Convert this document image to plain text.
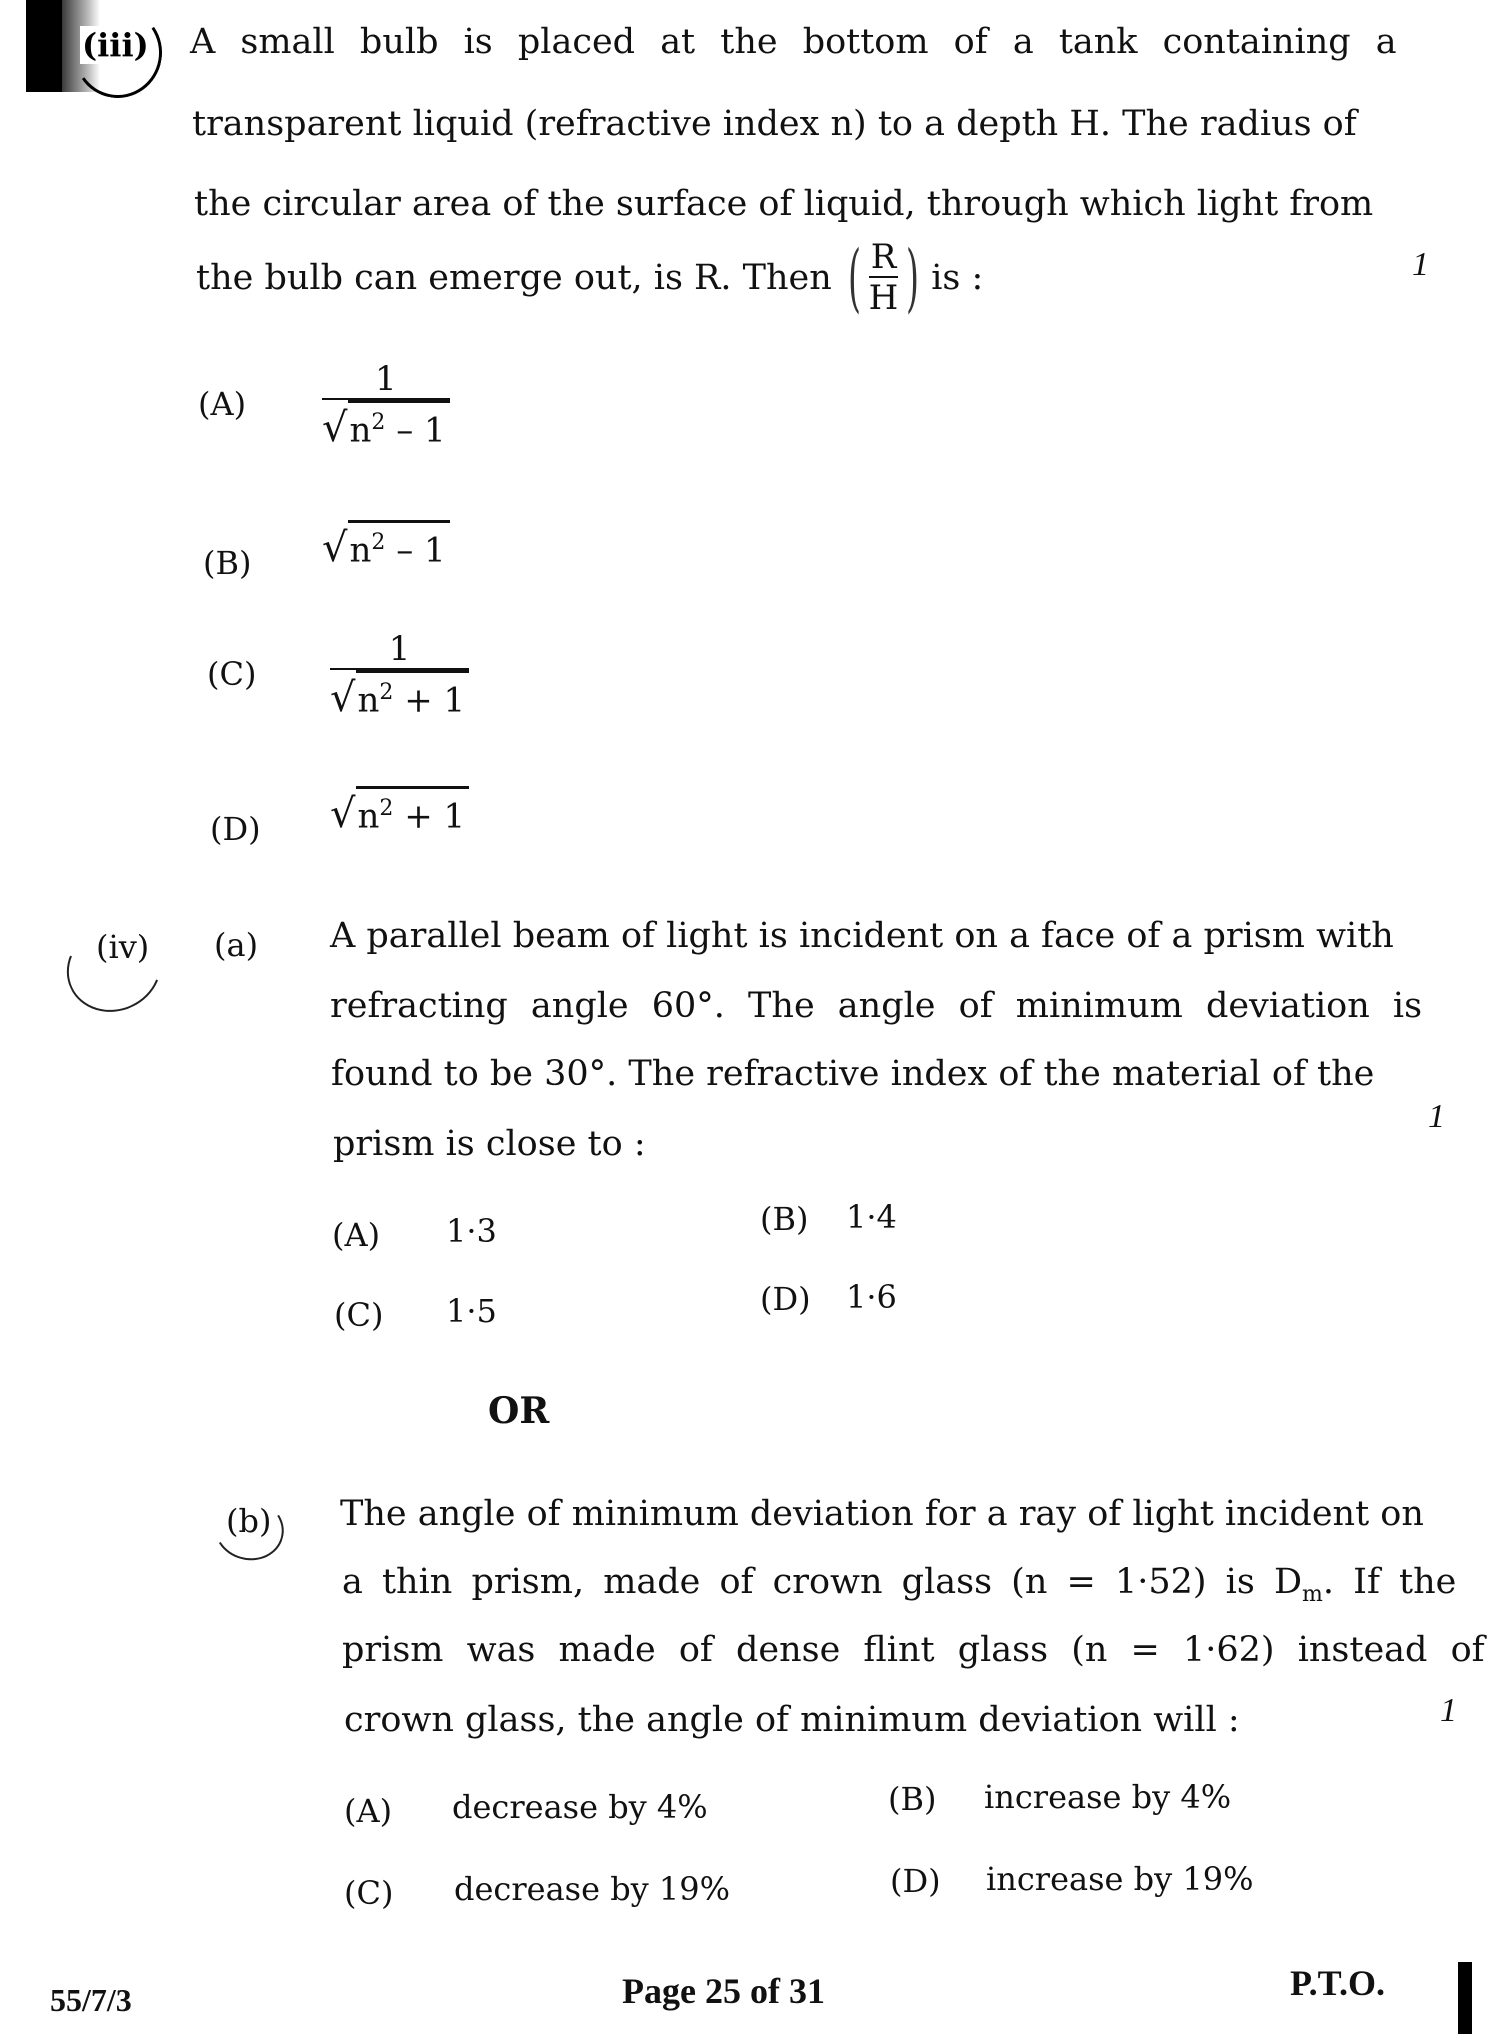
(iii) A small bulb is placed at the bottom of a tank containing a
transparent liquid (refractive index n) to a depth H. The radius of
the circular area of the surface of liquid, through which light from
the bulb can emerge out, is R. Then ( $\frac{R}{H}$ ) is :	1
$(A) \frac{1}{√ n^2 - 1}$
(B) √ $n^2 - 1$
$(C) \frac{1}{√ n^2 + 1}$
(D) √ $n^2 + 1$
(iv) (a) A parallel beam of light is incident on a face of a prism with
refracting angle 60°. The angle of minimum deviation is
found to be 30°. The refractive index of the material of the
prism is close to :
1
(A) 1·3	(B) 1·4
(C) 1·5	(D) 1·6
OR
(b) The angle of minimum deviation for a ray of light incident on
a thin prism, made of crown glass (n = 1·52) is $D_m$. If the
prism was made of dense flint glass (n = 1·62) instead of
crown glass, the angle of minimum deviation will :	1
(A) decrease by 4%	(B) increase by 4%
(C) decrease by 19%	(D) increase by 19%
55/7/3	Page 25 of 31	P.T.O.
